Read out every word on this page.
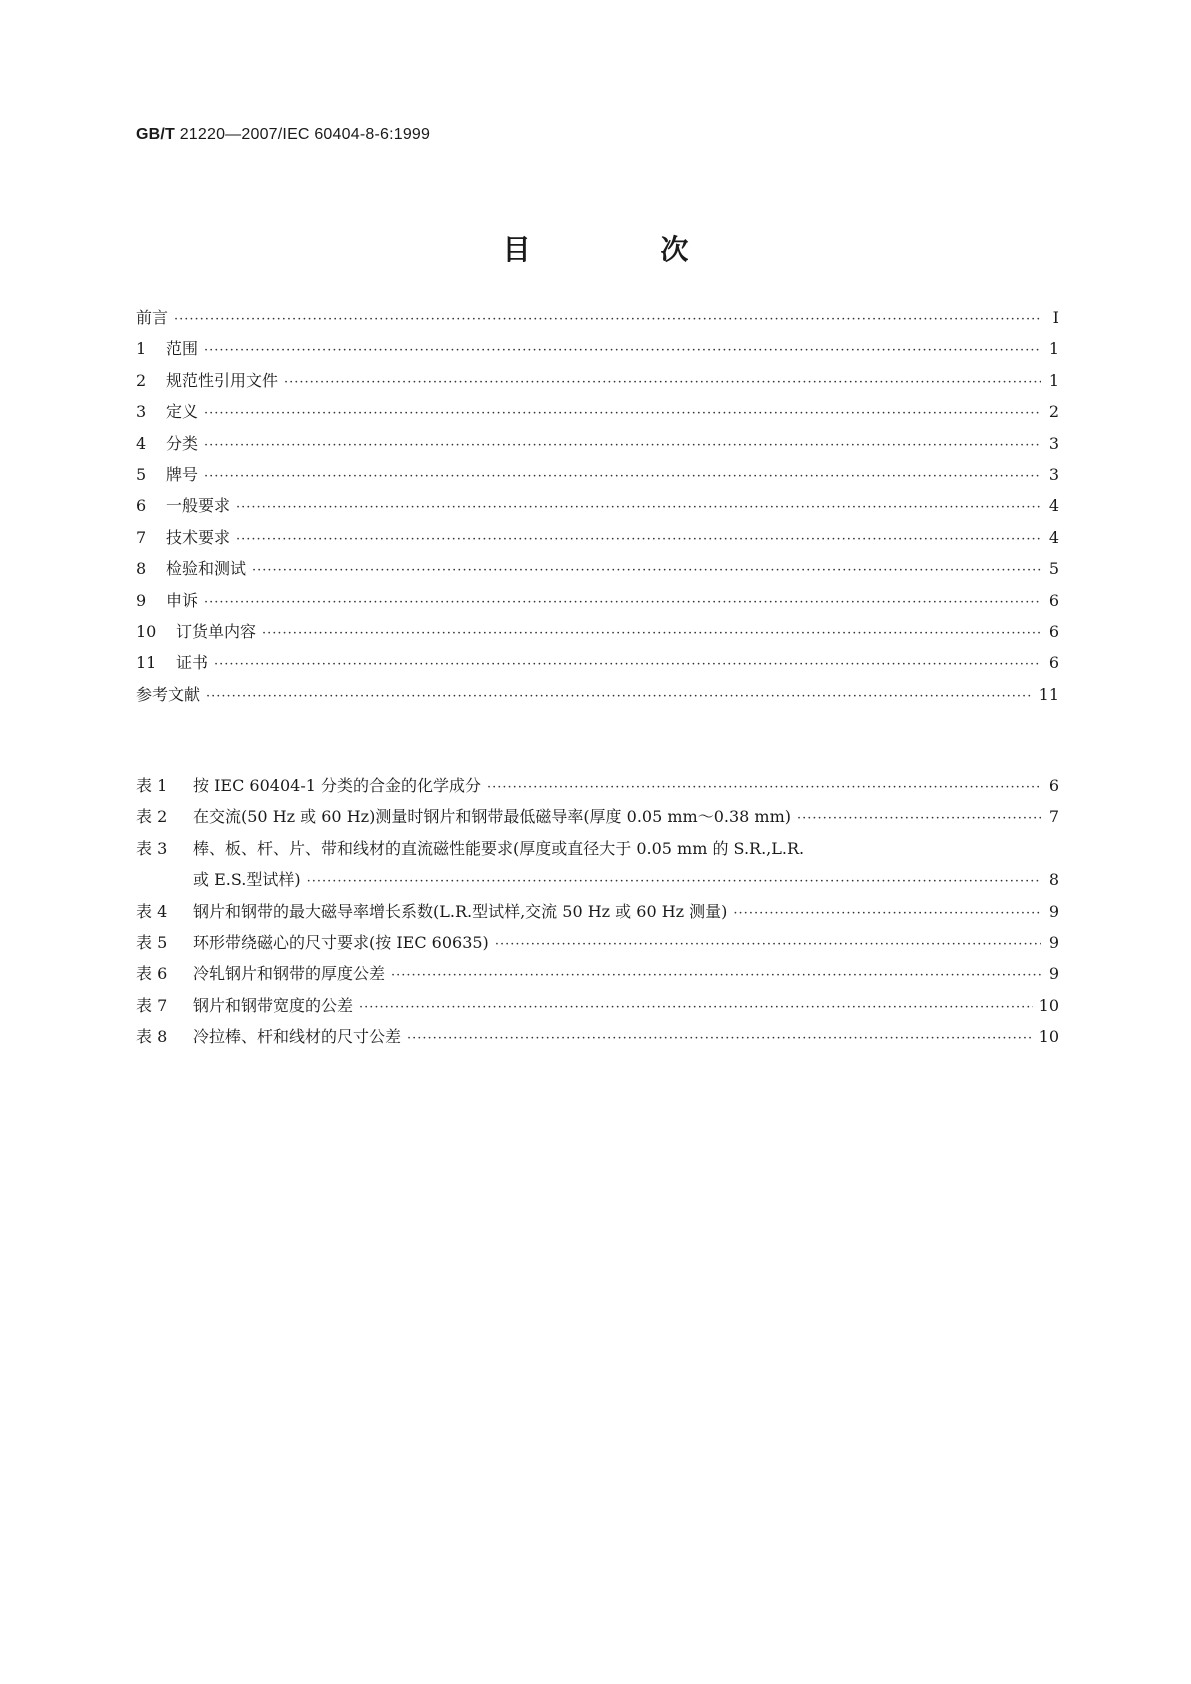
GB/T 21220—2007/IEC 60404-8-6:1999
目 次
前言 ·····	Ⅰ
1	范围 ·····	1
2	规范性引用文件 ·····	1
3	定义 ·····	2
4	分类 ·····	3
5	牌号 ·····	3
6	一般要求 ·····	4
7	技术要求 ·····	4
8	检验和测试 ·····	5
9	申诉 ·····	6
10	订货单内容 ·····	6
11	证书 ·····	6
参考文献 ·····	11
表 1	按 IEC 60404-1 分类的合金的化学成分 ·····	6
表 2	在交流(50 Hz 或 60 Hz)测量时钢片和钢带最低磁导率(厚度 0.05 mm～0.38 mm) ·····	7
表 3	棒、板、杆、片、带和线材的直流磁性能要求(厚度或直径大于 0.05 mm 的 S.R.,L.R.
或 E.S.型试样) ·····	8
表 4	钢片和钢带的最大磁导率增长系数(L.R.型试样,交流 50 Hz 或 60 Hz 测量) ·····	9
表 5	环形带绕磁心的尺寸要求(按 IEC 60635) ·····	9
表 6	冷轧钢片和钢带的厚度公差 ·····	9
表 7	钢片和钢带宽度的公差 ·····	10
表 8	冷拉棒、杆和线材的尺寸公差 ·····	10
